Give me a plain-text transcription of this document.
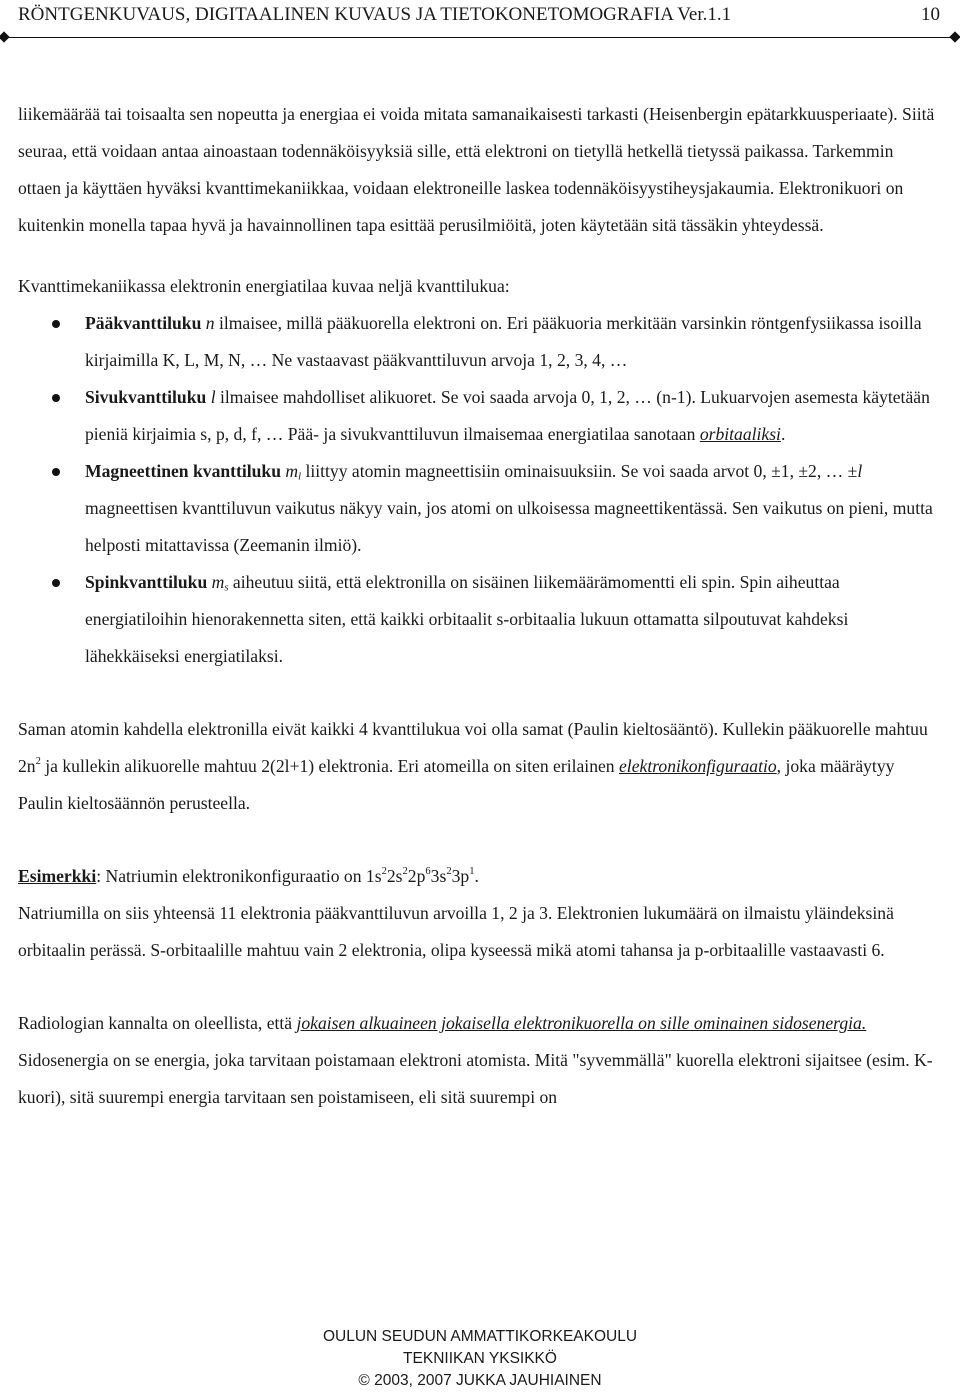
RÖNTGENKUVAUS, DIGITAALINEN KUVAUS JA TIETOKONETOMOGRAFIA Ver.1.1	10

liikemäärää tai toisaalta sen nopeutta ja energiaa ei voida mitata samanaikaisesti tarkasti (Heisenbergin epätarkkuusperiaate). Siitä seuraa, että voidaan antaa ainoastaan todennäköisyyksiä sille, että elektroni on tietyllä hetkellä tietyssä paikassa. Tarkemmin ottaen ja käyttäen hyväksi kvanttimekaniikkaa, voidaan elektroneille laskea todennäköisyystiheysjakaumia. Elektronikuori on kuitenkin monella tapaa hyvä ja havainnollinen tapa esittää perusilmiöitä, joten käytetään sitä tässäkin yhteydessä.

Kvanttimekaniikassa elektronin energiatilaa kuvaa neljä kvanttilukua:

Pääkvanttiluku n ilmaisee, millä pääkuorella elektroni on. Eri pääkuoria merkitään varsinkin röntgenfysiikassa isoilla kirjaimilla K, L, M, N, … Ne vastaavast pääkvanttiluvun arvoja 1, 2, 3, 4, …
Sivukvanttiluku l ilmaisee mahdolliset alikuoret. Se voi saada arvoja 0, 1, 2, … (n-1). Lukuarvojen asemesta käytetään pieniä kirjaimia s, p, d, f, … Pää- ja sivukvanttiluvun ilmaisemaa energiatilaa sanotaan orbitaaliksi.
Magneettinen kvanttiluku $m_l$ liittyy atomin magneettisiin ominaisuuksiin. Se voi saada arvot 0, ±1, ±2, … ±l magneettisen kvanttiluvun vaikutus näkyy vain, jos atomi on ulkoisessa magneettikentässä. Sen vaikutus on pieni, mutta helposti mitattavissa (Zeemanin ilmiö).
Spinkvanttiluku $m_s$ aiheutuu siitä, että elektronilla on sisäinen liikemäärämomentti eli spin. Spin aiheuttaa energiatiloihin hienorakennetta siten, että kaikki orbitaalit s-orbitaalia lukuun ottamatta silpoutuvat kahdeksi lähekkäiseksi energiatilaksi.

Saman atomin kahdella elektronilla eivät kaikki 4 kvanttilukua voi olla samat (Paulin kieltosääntö). Kullekin pääkuorelle mahtuu $2n^2$ ja kullekin alikuorelle mahtuu 2(2l+1) elektronia. Eri atomeilla on siten erilainen elektronikonfiguraatio, joka määräytyy Paulin kieltosäännön perusteella.

Esimerkki: Natriumin elektronikonfiguraatio on $1s^22s^22p^63s^23p^1$.

Natriumilla on siis yhteensä 11 elektronia pääkvanttiluvun arvoilla 1, 2 ja 3. Elektronien lukumäärä on ilmaistu yläindeksinä orbitaalin perässä. S-orbitaalille mahtuu vain 2 elektronia, olipa kyseessä mikä atomi tahansa ja p-orbitaalille vastaavasti 6.

Radiologian kannalta on oleellista, että jokaisen alkuaineen jokaisella elektronikuorella on sille ominainen sidosenergia. Sidosenergia on se energia, joka tarvitaan poistamaan elektroni atomista. Mitä "syvemmällä" kuorella elektroni sijaitsee (esim. K-kuori), sitä suurempi energia tarvitaan sen poistamiseen, eli sitä suurempi on

OULUN SEUDUN AMMATTIKORKEAKOULU
TEKNIIKAN YKSIKKÖ
© 2003, 2007 JUKKA JAUHIAINEN
